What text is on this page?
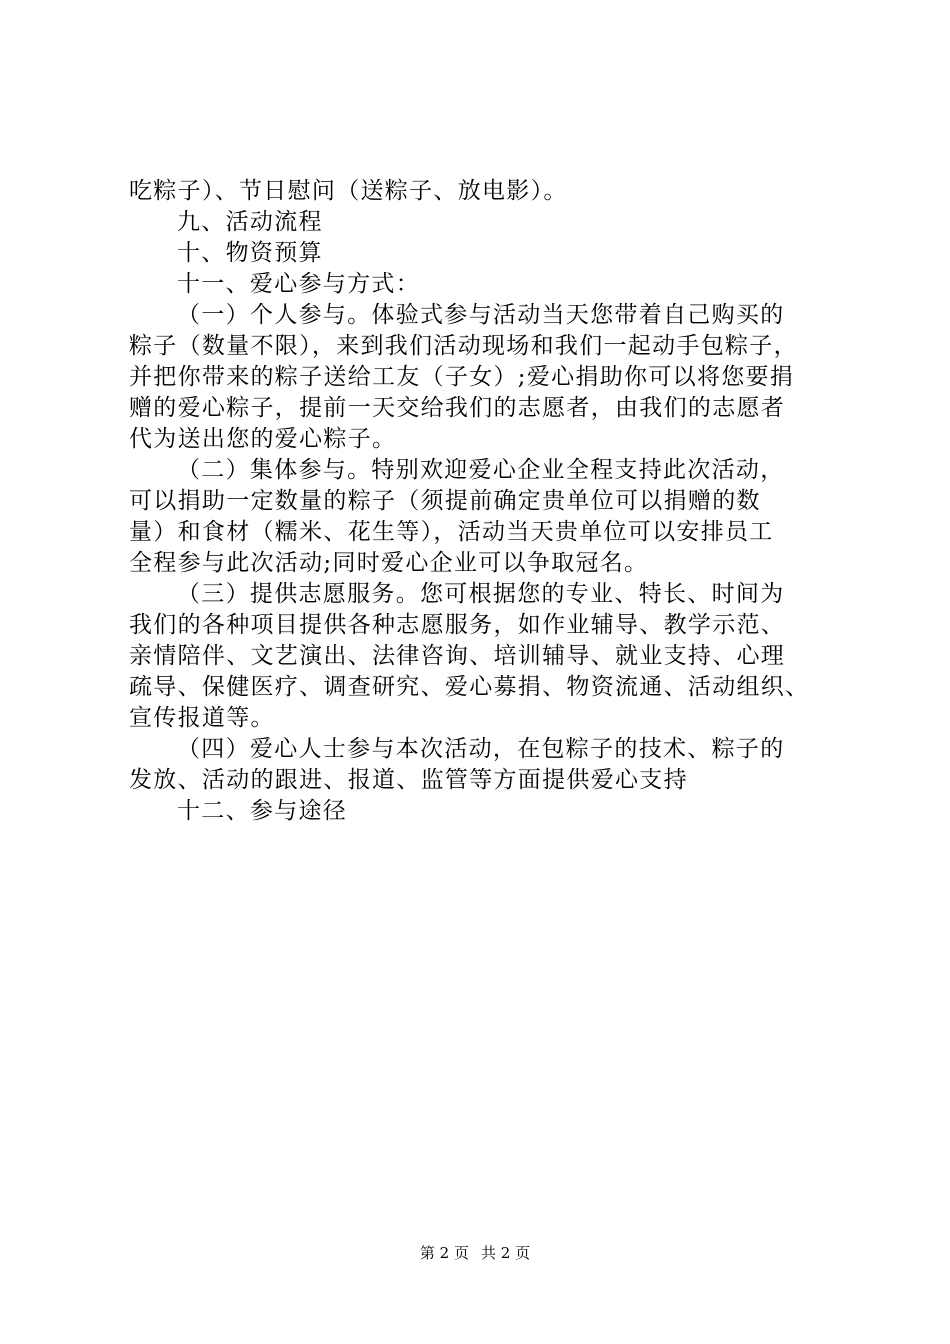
吃粽子）、节日慰问（送粽子、放电影）。
九、活动流程
十、物资预算
十一、爱心参与方式：
（一）个人参与。体验式参与活动当天您带着自己购买的
粽子（数量不限），来到我们活动现场和我们一起动手包粽子，
并把你带来的粽子送给工友（子女）;爱心捐助你可以将您要捐
赠的爱心粽子，提前一天交给我们的志愿者，由我们的志愿者
代为送出您的爱心粽子。
（二）集体参与。特别欢迎爱心企业全程支持此次活动，
可以捐助一定数量的粽子（须提前确定贵单位可以捐赠的数
量）和食材（糯米、花生等），活动当天贵单位可以安排员工
全程参与此次活动;同时爱心企业可以争取冠名。
（三）提供志愿服务。您可根据您的专业、特长、时间为
我们的各种项目提供各种志愿服务，如作业辅导、教学示范、
亲情陪伴、文艺演出、法律咨询、培训辅导、就业支持、心理
疏导、保健医疗、调查研究、爱心募捐、物资流通、活动组织、
宣传报道等。
（四）爱心人士参与本次活动，在包粽子的技术、粽子的
发放、活动的跟进、报道、监管等方面提供爱心支持
十二、参与途径
第 2 页 共 2 页
